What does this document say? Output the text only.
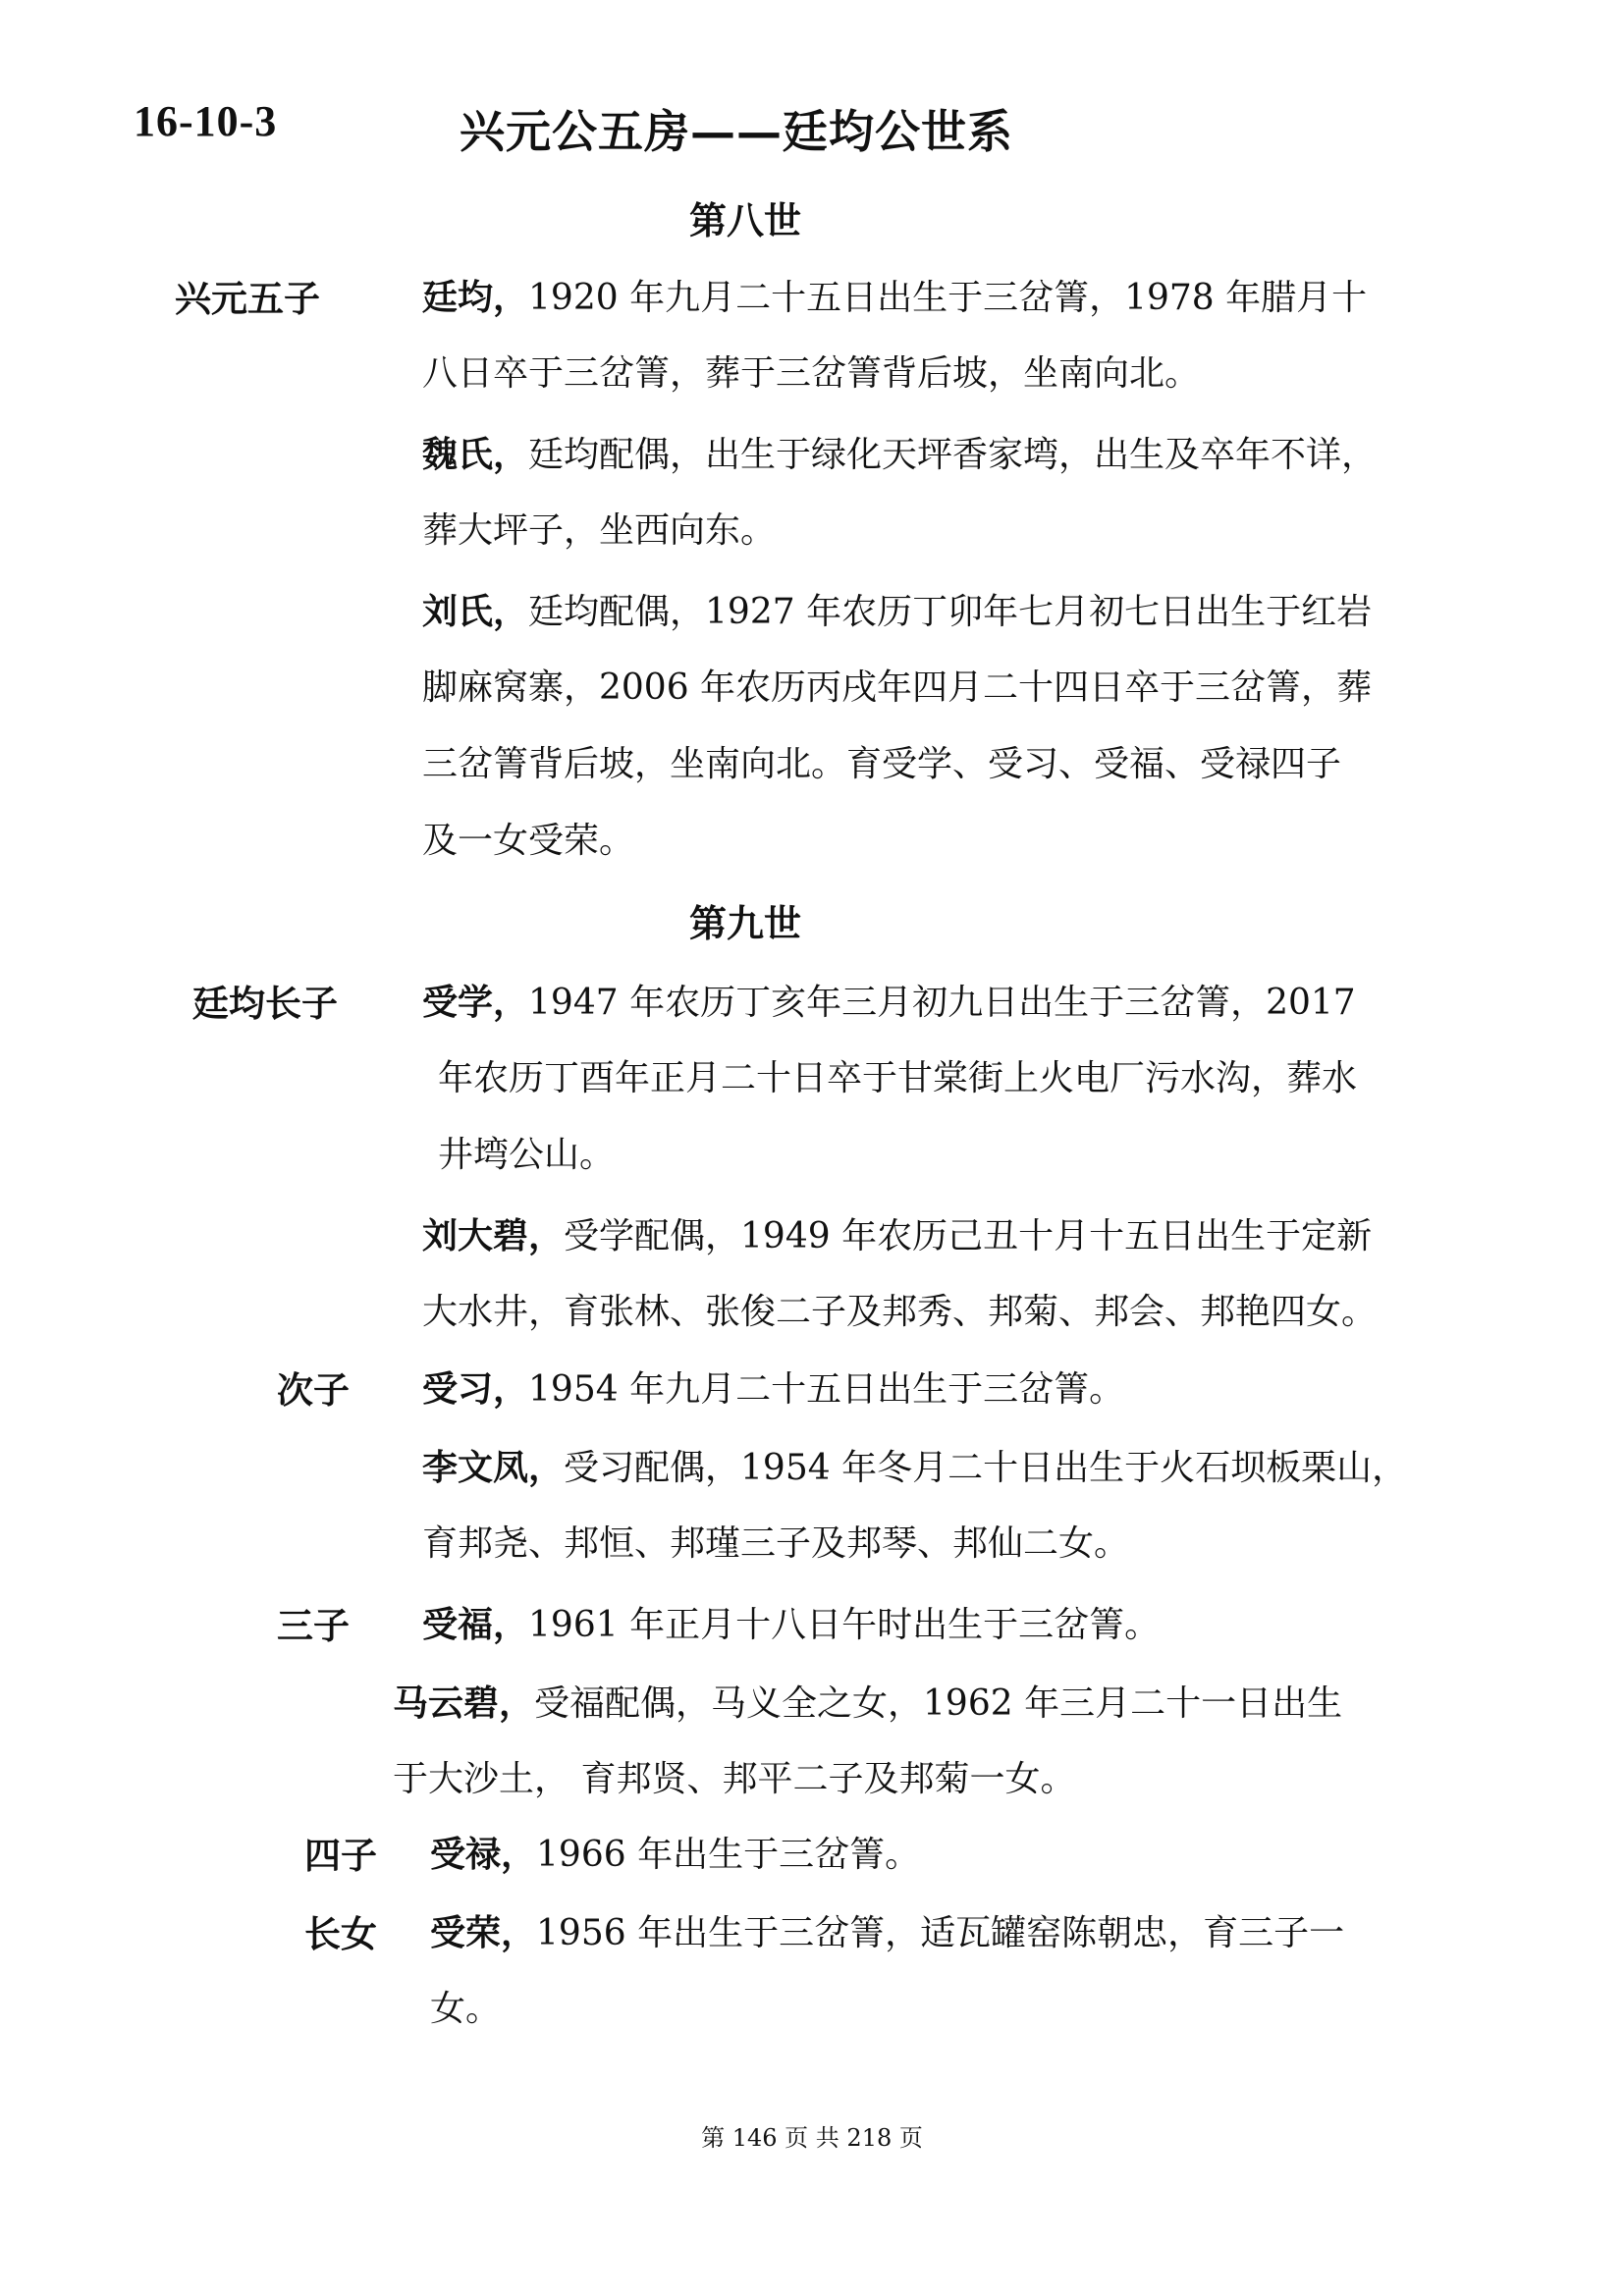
16-10-3	兴元公五房——廷均公世系
第八世
兴元五子	廷均，1920 年九月二十五日出生于三岔箐，1978 年腊月十
八日卒于三岔箐，葬于三岔箐背后坡，坐南向北。
魏氏，廷均配偶，出生于绿化天坪香家塆，出生及卒年不详，
葬大坪子，坐西向东。
刘氏，廷均配偶，1927 年农历丁卯年七月初七日出生于红岩
脚麻窝寨，2006 年农历丙戌年四月二十四日卒于三岔箐，葬
三岔箐背后坡，坐南向北。育受学、受习、受福、受禄四子
及一女受荣。
第九世
廷均长子 受学，1947 年农历丁亥年三月初九日出生于三岔箐，2017
年农历丁酉年正月二十日卒于甘棠街上火电厂污水沟，葬水
井塆公山。
刘大碧，受学配偶，1949 年农历己丑十月十五日出生于定新
大水井，育张林、张俊二子及邦秀、邦菊、邦会、邦艳四女。
次子 受习，1954 年九月二十五日出生于三岔箐。
李文凤，受习配偶，1954 年冬月二十日出生于火石坝板栗山，
育邦尧、邦恒、邦瑾三子及邦琴、邦仙二女。
三子 受福，1961 年正月十八日午时出生于三岔箐。
马云碧，受福配偶，马义全之女，1962 年三月二十一日出生
于大沙土， 育邦贤、邦平二子及邦菊一女。
四子 受禄，1966 年出生于三岔箐。
长女 受荣，1956 年出生于三岔箐，适瓦罐窑陈朝忠，育三子一
女。
第 146 页 共 218 页
